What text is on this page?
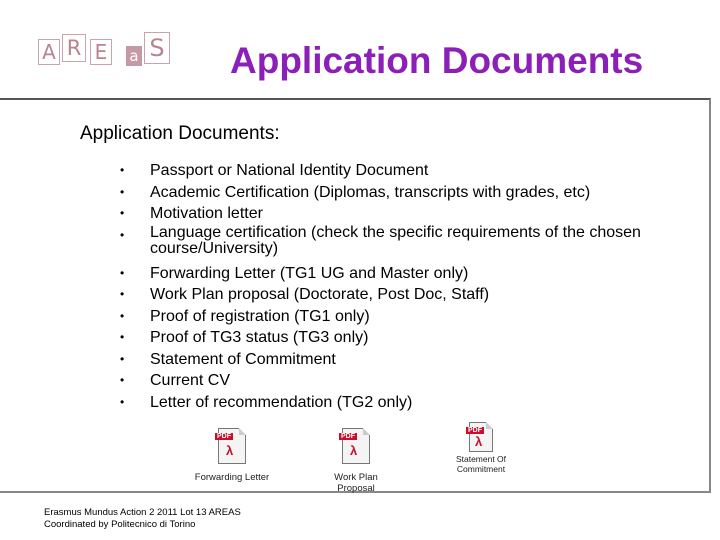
A R E	a S Application Documents
Application Documents:
• Passport or National Identity Document
• Academic Certification (Diplomas, transcripts with grades, etc)
• Motivation letter
• Language certification (check the specific requirements of the chosen course/University)
• Forwarding Letter (TG1 UG and Master only)
• Work Plan proposal (Doctorate, Post Doc, Staff)
• Proof of registration (TG1 only)
• Proof of TG3 status (TG3 only)
• Statement of Commitment
• Current CV
• Letter of recommendation (TG2 only)
PDF
λ
Forwarding Letter
PDF
λ
Work Plan Proposal
PDF
λ
Statement Of Commitment
Erasmus Mundus Action 2 2011 Lot 13 AREAS
Coordinated by Politecnico di Torino
